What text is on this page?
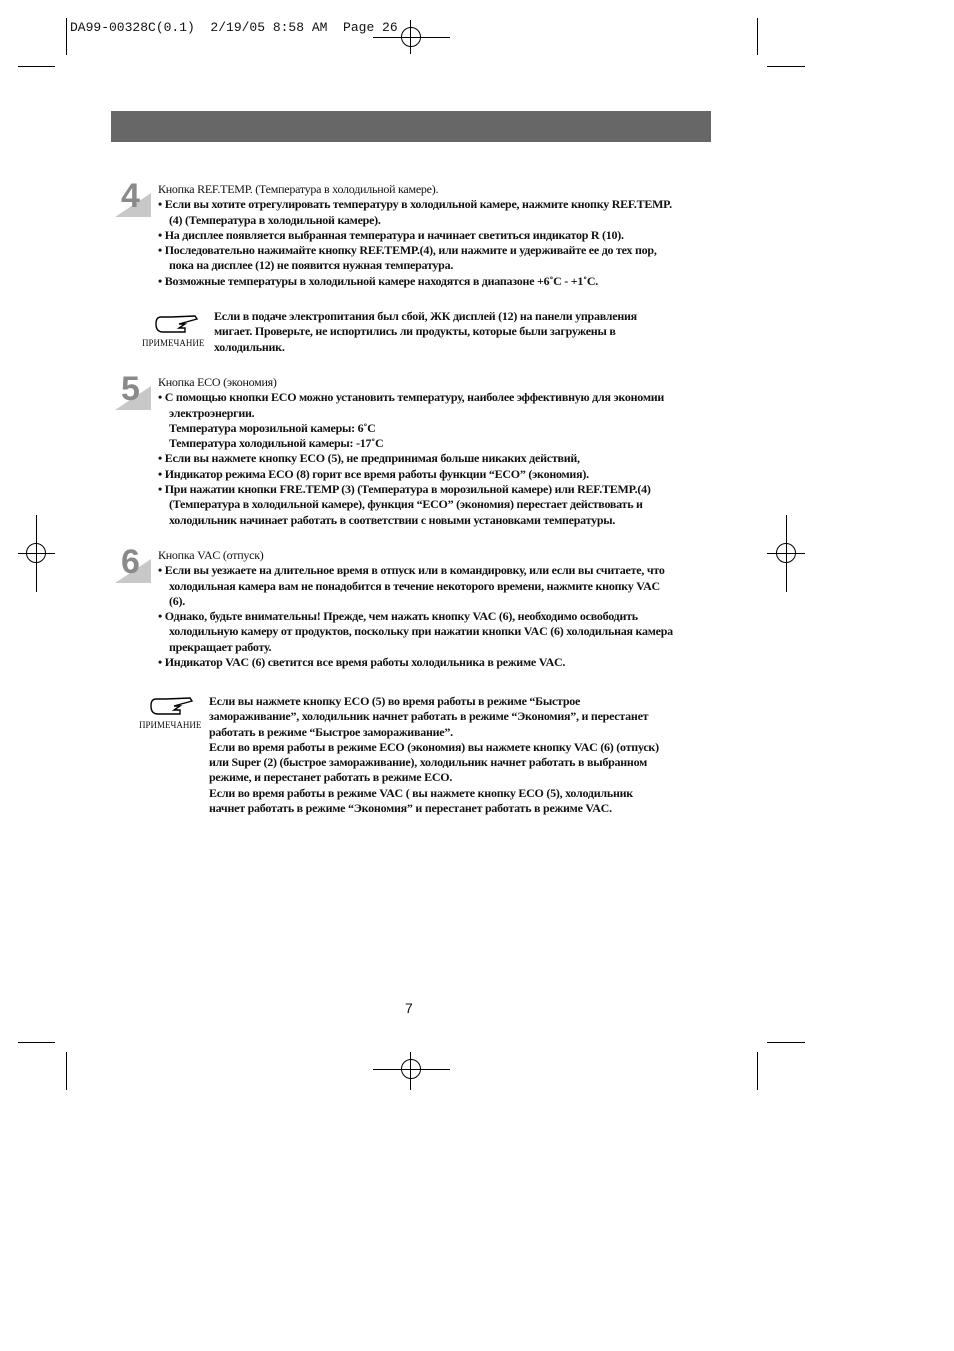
DA99-00328C(0.1)  2/19/05 8:58 AM  Page 26
4
5
6
Кнопка REF.TEMP. (Температура в холодильной камере).
• Если вы хотите отрегулировать температуру в холодильной камере, нажмите кнопку REF.TEMP.
(4) (Температура в холодильной камере).
• На дисплее появляется выбранная температура и начинает светиться индикатор R (10).
• Последовательно нажимайте кнопку REF.TEMP.(4), или нажмите и удерживайте ее до тех пор,
пока на дисплее (12) не появится нужная температура.
• Возможные температуры в холодильной камере находятся в диапазоне +6˚C - +1˚C.
Кнопка ECO (экономия)
• С помощью кнопки ECO можно установить температуру, наиболее эффективную для экономии
электроэнергии.
Температура морозильной камеры: 6˚C
Температура холодильной камеры: -17˚C
• Если вы нажмете кнопку ECO (5), не предпринимая больше никаких действий,
• Индикатор режима ECO (8) горит все время работы функции “ECO” (экономия).
• При нажатии кнопки FRE.TEMP (3) (Температура в морозильной камере) или REF.TEMP.(4)
(Температура в холодильной камере), функция “ECO” (экономия) перестает действовать и
холодильник начинает работать в соответствии с новыми установками температуры.
Кнопка VAC (отпуск)
• Если вы уезжаете на длительное время в отпуск или в командировку, или если вы считаете, что
холодильная камера вам не понадобится в течение некоторого времени, нажмите кнопку VAC
(6).
• Однако, будьте внимательны! Прежде, чем нажать кнопку VAC (6), необходимо освободить
холодильную камеру от продуктов, поскольку при нажатии кнопки VAC (6) холодильная камера
прекращает работу.
• Индикатор VAC (6) светится все время работы холодильника в режиме VAC.
ПРИМЕЧАНИЕ
Если в подаче электропитания был сбой, ЖК дисплей (12) на панели управления
мигает. Проверьте, не испортились ли продукты, которые были загружены в
холодильник.
ПРИМЕЧАНИЕ
Если вы нажмете кнопку ECO (5) во время работы в режиме “Быстрое
замораживание”, холодильник начнет работать в режиме “Экономия”, и перестанет
работать в режиме “Быстрое замораживание”.
Если во время работы в режиме ECO (экономия) вы нажмете кнопку VAC (6) (отпуск)
или Super (2) (быстрое замораживание), холодильник начнет работать в выбранном
режиме, и перестанет работать в режиме ECO.
Если во время работы в режиме VAC ( вы нажмете кнопку ECO (5), холодильник
начнет работать в режиме “Экономия” и перестанет работать в режиме VAC.
7
